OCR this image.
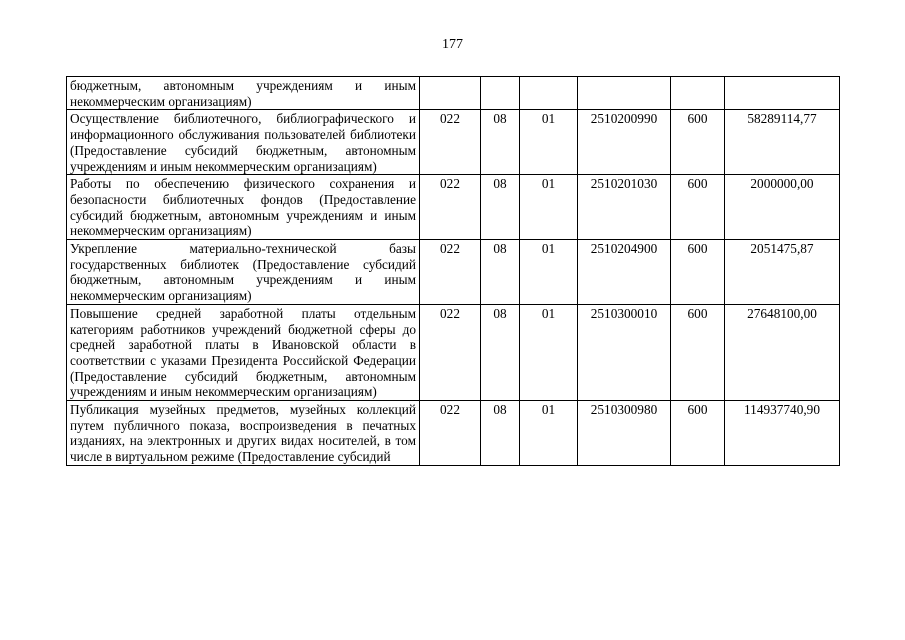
177
бюджетным, автономным учреждениям и иным некоммерческим организациям)						
Осуществление библиотечного, библиографического и информационного обслуживания пользователей библиотеки (Предоставление субсидий бюджетным, автономным учреждениям и иным некоммерческим организациям)	022	08	01	2510200990	600	58289114,77
Работы по обеспечению физического сохранения и безопасности библиотечных фондов (Предоставление субсидий бюджетным, автономным учреждениям и иным некоммерческим организациям)	022	08	01	2510201030	600	2000000,00
Укрепление материально-технической базы государственных библиотек (Предоставление субсидий бюджетным, автономным учреждениям и иным некоммерческим организациям)	022	08	01	2510204900	600	2051475,87
Повышение средней заработной платы отдельным категориям работников учреждений бюджетной сферы до средней заработной платы в Ивановской области в соответствии с указами Президента Российской Федерации (Предоставление субсидий бюджетным, автономным учреждениям и иным некоммерческим организациям)	022	08	01	2510300010	600	27648100,00
Публикация музейных предметов, музейных коллекций путем публичного показа, воспроизведения в печатных изданиях, на электронных и других видах носителей, в том числе в виртуальном режиме (Предоставление субсидий	022	08	01	2510300980	600	114937740,90
